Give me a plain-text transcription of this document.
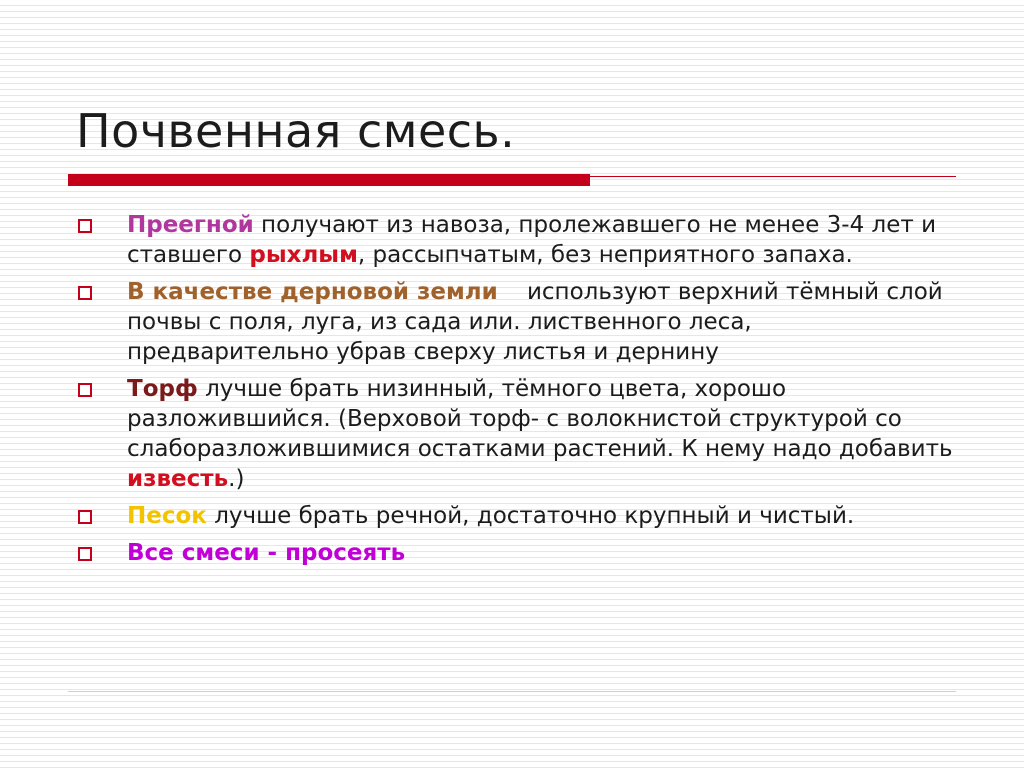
Почвенная смесь.
Преегной получают из навоза, пролежавшего не менее 3-4 лет и ставшего рыхлым, рассыпчатым, без неприятного запаха.
В качестве дерновой земли    используют верхний тёмный слой почвы с поля, луга, из сада или. лиственного леса, предварительно убрав сверху листья и дернину
Торф лучше брать низинный, тёмного цвета, хорошо разложившийся. (Верховой торф- с волокнистой структурой со слаборазложившимися остатками растений. К нему надо добавить известь.)
Песок лучше брать речной, достаточно крупный и чистый.
Все смеси - просеять
